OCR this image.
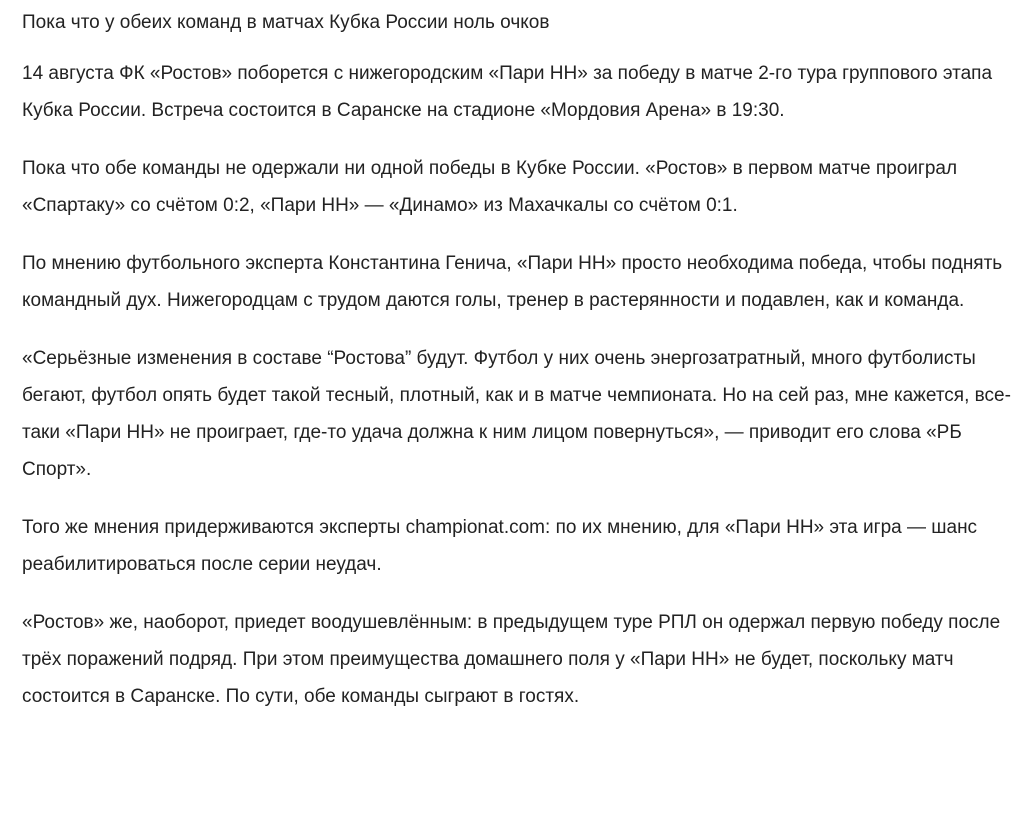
Пока что у обеих команд в матчах Кубка России ноль очков

14 августа ФК «Ростов» поборется с нижегородским «Пари НН» за победу в матче 2-го тура группового этапа Кубка России. Встреча состоится в Саранске на стадионе «Мордовия Арена» в 19:30.

Пока что обе команды не одержали ни одной победы в Кубке России. «Ростов» в первом матче проиграл «Спартаку» со счётом 0:2, «Пари НН» — «Динамо» из Махачкалы со счётом 0:1.

По мнению футбольного эксперта Константина Генича, «Пари НН» просто необходима победа, чтобы поднять командный дух. Нижегородцам с трудом даются голы, тренер в растерянности и подавлен, как и команда.

«Серьёзные изменения в составе “Ростова” будут. Футбол у них очень энергозатратный, много футболисты бегают, футбол опять будет такой тесный, плотный, как и в матче чемпионата. Но на сей раз, мне кажется, все-таки «Пари НН» не проиграет, где-то удача должна к ним лицом повернуться», — приводит его слова «РБ Спорт».

Того же мнения придерживаются эксперты championat.com: по их мнению, для «Пари НН» эта игра — шанс реабилитироваться после серии неудач.

«Ростов» же, наоборот, приедет воодушевлённым: в предыдущем туре РПЛ он одержал первую победу после трёх поражений подряд. При этом преимущества домашнего поля у «Пари НН» не будет, поскольку матч состоится в Саранске. По сути, обе команды сыграют в гостях.
